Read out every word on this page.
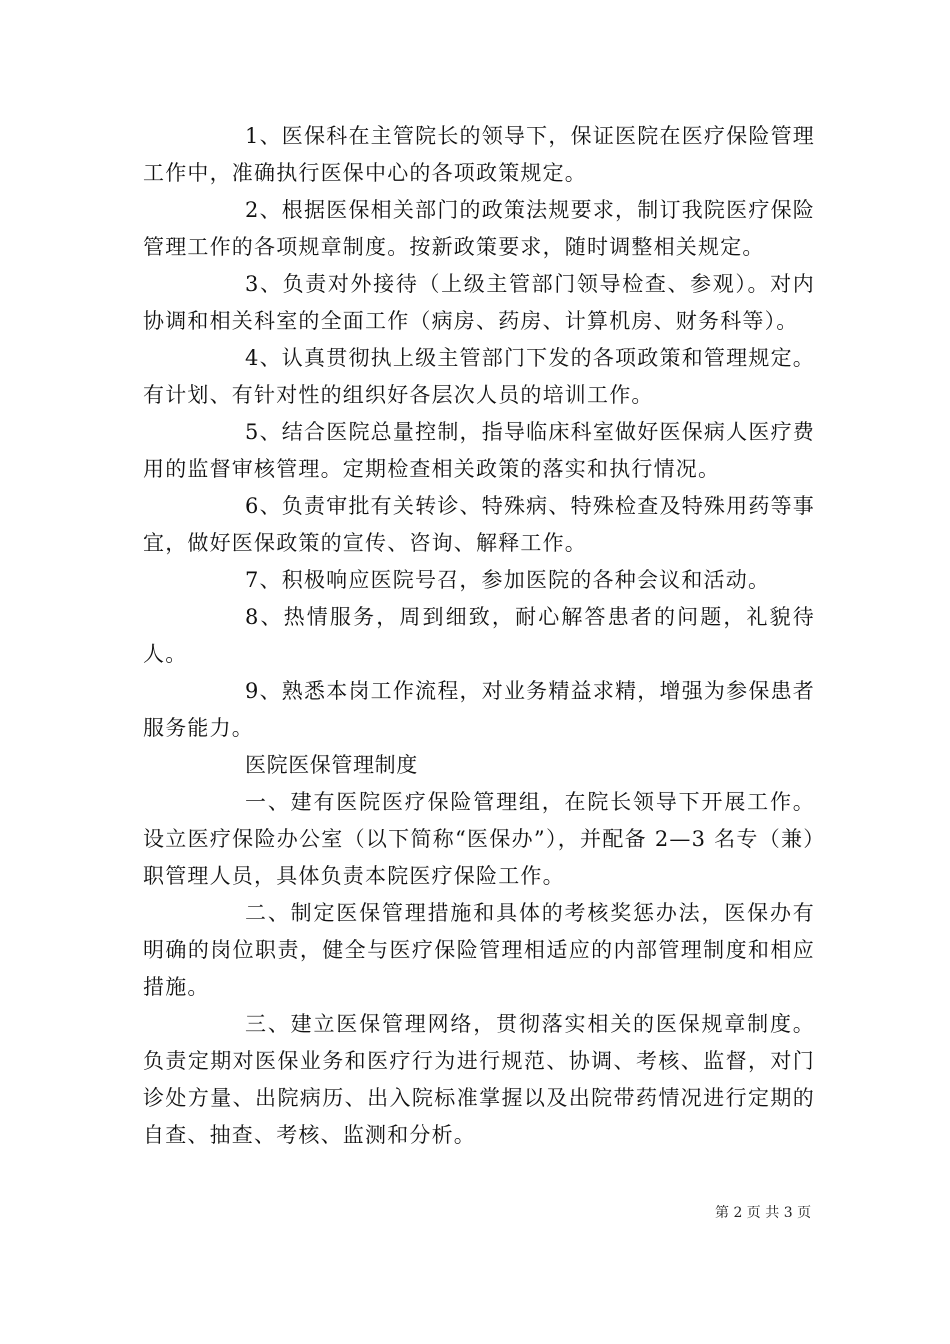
1、医保科在主管院长的领导下，保证医院在医疗保险管理工作中，准确执行医保中心的各项政策规定。

2、根据医保相关部门的政策法规要求，制订我院医疗保险管理工作的各项规章制度。按新政策要求，随时调整相关规定。

3、负责对外接待（上级主管部门领导检查、参观）。对内协调和相关科室的全面工作（病房、药房、计算机房、财务科等）。

4、认真贯彻执上级主管部门下发的各项政策和管理规定。有计划、有针对性的组织好各层次人员的培训工作。

5、结合医院总量控制，指导临床科室做好医保病人医疗费用的监督审核管理。定期检查相关政策的落实和执行情况。

6、负责审批有关转诊、特殊病、特殊检查及特殊用药等事宜，做好医保政策的宣传、咨询、解释工作。

7、积极响应医院号召，参加医院的各种会议和活动。

8、热情服务，周到细致，耐心解答患者的问题，礼貌待人。

9、熟悉本岗工作流程，对业务精益求精，增强为参保患者服务能力。

医院医保管理制度

一、建有医院医疗保险管理组，在院长领导下开展工作。设立医疗保险办公室（以下简称“医保办”），并配备 2—3 名专（兼）职管理人员，具体负责本院医疗保险工作。

二、制定医保管理措施和具体的考核奖惩办法，医保办有明确的岗位职责，健全与医疗保险管理相适应的内部管理制度和相应措施。

三、建立医保管理网络，贯彻落实相关的医保规章制度。负责定期对医保业务和医疗行为进行规范、协调、考核、监督，对门诊处方量、出院病历、出入院标准掌握以及出院带药情况进行定期的自查、抽查、考核、监测和分析。

第 2 页 共 3 页
